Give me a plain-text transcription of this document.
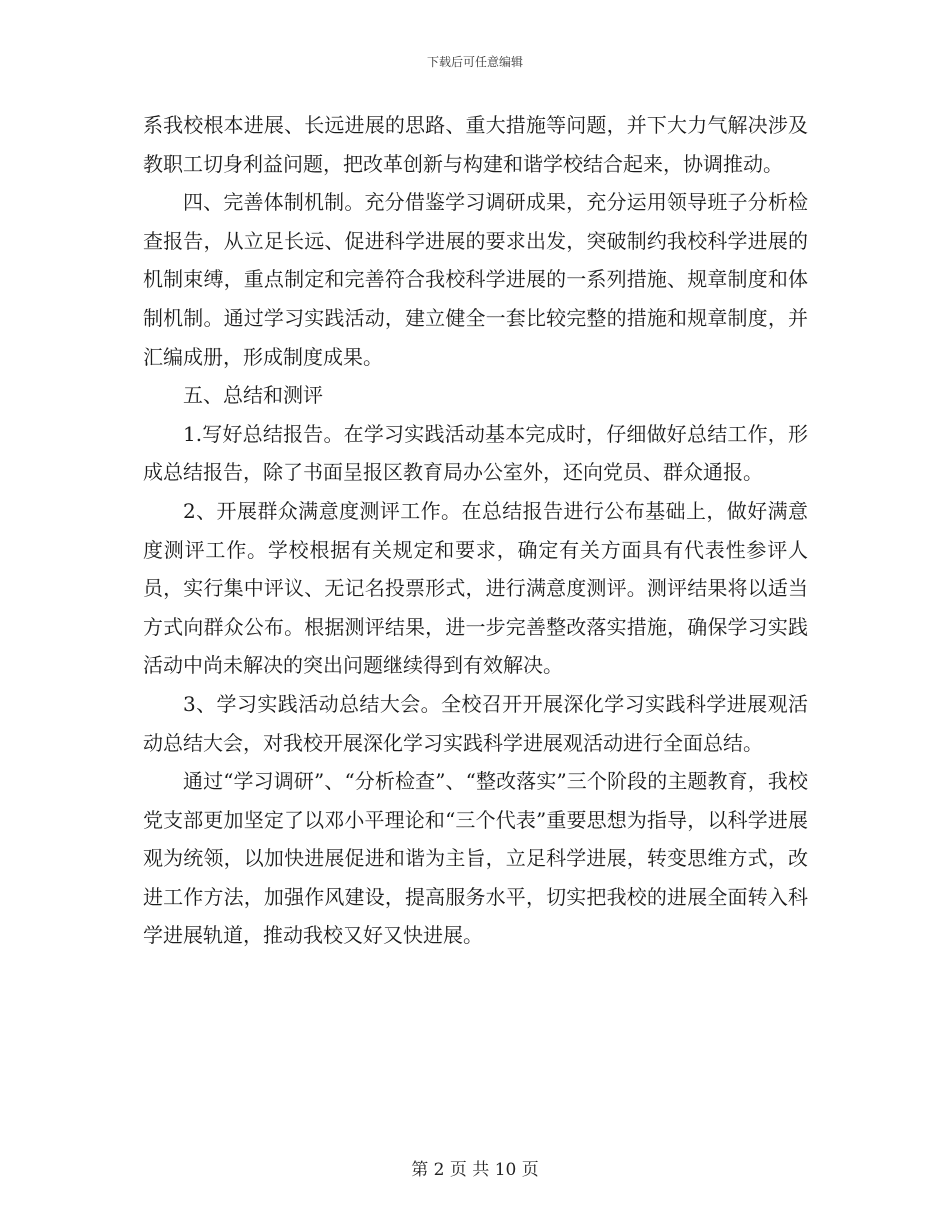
下载后可任意编辑

系我校根本进展、长远进展的思路、重大措施等问题，并下大力气解决涉及教职工切身利益问题，把改革创新与构建和谐学校结合起来，协调推动。

四、完善体制机制。充分借鉴学习调研成果，充分运用领导班子分析检查报告，从立足长远、促进科学进展的要求出发，突破制约我校科学进展的机制束缚，重点制定和完善符合我校科学进展的一系列措施、规章制度和体制机制。通过学习实践活动，建立健全一套比较完整的措施和规章制度，并汇编成册，形成制度成果。

五、总结和测评

1.写好总结报告。在学习实践活动基本完成时，仔细做好总结工作，形成总结报告，除了书面呈报区教育局办公室外，还向党员、群众通报。

2、开展群众满意度测评工作。在总结报告进行公布基础上，做好满意度测评工作。学校根据有关规定和要求，确定有关方面具有代表性参评人员，实行集中评议、无记名投票形式，进行满意度测评。测评结果将以适当方式向群众公布。根据测评结果，进一步完善整改落实措施，确保学习实践活动中尚未解决的突出问题继续得到有效解决。

3、学习实践活动总结大会。全校召开开展深化学习实践科学进展观活动总结大会，对我校开展深化学习实践科学进展观活动进行全面总结。

通过“学习调研”、“分析检查”、“整改落实”三个阶段的主题教育，我校党支部更加坚定了以邓小平理论和“三个代表”重要思想为指导，以科学进展观为统领，以加快进展促进和谐为主旨，立足科学进展，转变思维方式，改进工作方法，加强作风建设，提高服务水平，切实把我校的进展全面转入科学进展轨道，推动我校又好又快进展。

第 2 页 共 10 页
